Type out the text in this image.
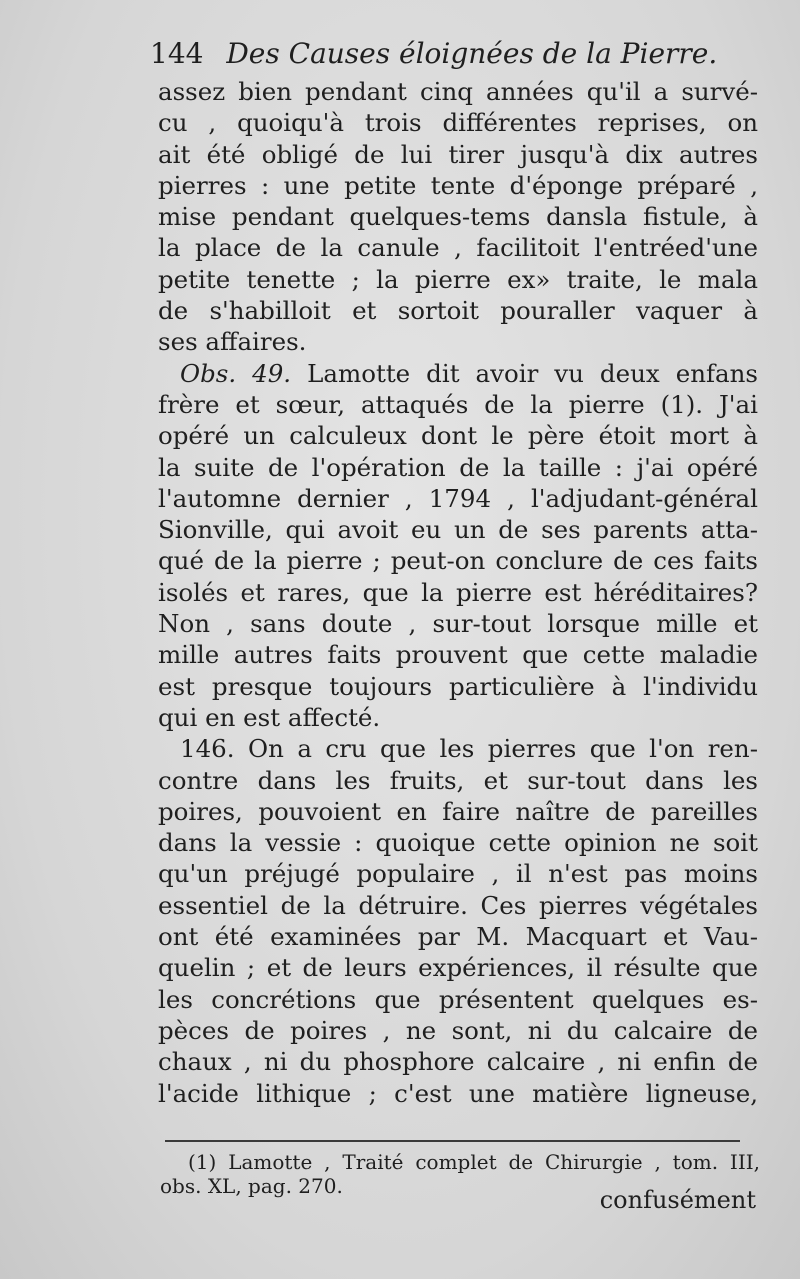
144 Des Causes éloignées de la Pierre.
assez bien pendant cinq années qu'il a survé-
cu , quoiqu'à trois différentes reprises, on
ait été obligé de lui tirer jusqu'à dix autres
pierres : une petite tente d'éponge préparé ,
mise pendant quelques-tems dansla fistule, à
la place de la canule , facilitoit l'entréed'une
petite tenette ; la pierre ex» traite, le mala
de s'habilloit et sortoit pouraller vaquer à
ses affaires.
Obs. 49. Lamotte dit avoir vu deux enfans
frère et sœur, attaqués de la pierre (1). J'ai
opéré un calculeux dont le père étoit mort à
la suite de l'opération de la taille : j'ai opéré
l'automne dernier , 1794 , l'adjudant-général
Sionville, qui avoit eu un de ses parents atta-
qué de la pierre ; peut-on conclure de ces faits
isolés et rares, que la pierre est héréditaires?
Non , sans doute , sur-tout lorsque mille et
mille autres faits prouvent que cette maladie
est presque toujours particulière à l'individu
qui en est affecté.
146. On a cru que les pierres que l'on ren-
contre dans les fruits, et sur-tout dans les
poires, pouvoient en faire naître de pareilles
dans la vessie : quoique cette opinion ne soit
qu'un préjugé populaire , il n'est pas moins
essentiel de la détruire. Ces pierres végétales
ont été examinées par M. Macquart et Vau-
quelin ; et de leurs expériences, il résulte que
les concrétions que présentent quelques es-
pèces de poires , ne sont, ni du calcaire de
chaux , ni du phosphore calcaire , ni enfin de
l'acide lithique ; c'est une matière ligneuse,
(1) Lamotte , Traité complet de Chirurgie , tom. III,
obs. XL, pag. 270.	confusément
